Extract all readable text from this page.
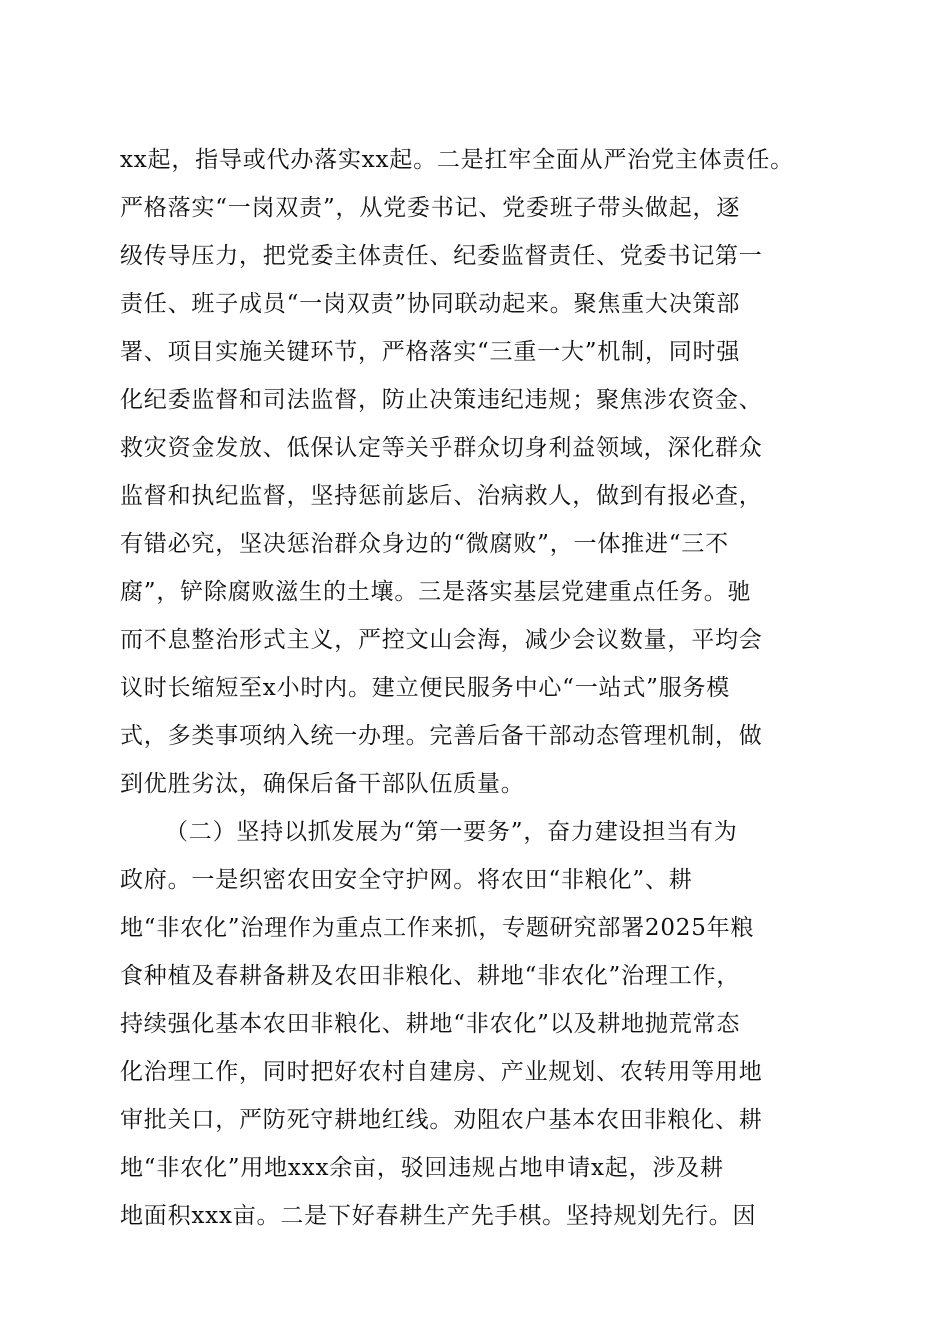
xx起，指导或代办落实xx起。二是扛牢全面从严治党主体责任。
严格落实“一岗双责”，从党委书记、党委班子带头做起，逐
级传导压力，把党委主体责任、纪委监督责任、党委书记第一
责任、班子成员“一岗双责”协同联动起来。聚焦重大决策部
署、项目实施关键环节，严格落实“三重一大”机制，同时强
化纪委监督和司法监督，防止决策违纪违规；聚焦涉农资金、
救灾资金发放、低保认定等关乎群众切身利益领域，深化群众
监督和执纪监督，坚持惩前毖后、治病救人，做到有报必查，
有错必究，坚决惩治群众身边的“微腐败”，一体推进“三不
腐”，铲除腐败滋生的土壤。三是落实基层党建重点任务。驰
而不息整治形式主义，严控文山会海，减少会议数量，平均会
议时长缩短至x小时内。建立便民服务中心“一站式”服务模
式，多类事项纳入统一办理。完善后备干部动态管理机制，做
到优胜劣汰，确保后备干部队伍质量。
（二）坚持以抓发展为“第一要务”，奋力建设担当有为
政府。一是织密农田安全守护网。将农田“非粮化”、耕
地“非农化”治理作为重点工作来抓，专题研究部署2025年粮
食种植及春耕备耕及农田非粮化、耕地“非农化”治理工作，
持续强化基本农田非粮化、耕地“非农化”以及耕地抛荒常态
化治理工作，同时把好农村自建房、产业规划、农转用等用地
审批关口，严防死守耕地红线。劝阻农户基本农田非粮化、耕
地“非农化”用地xxx余亩，驳回违规占地申请x起，涉及耕
地面积xxx亩。二是下好春耕生产先手棋。坚持规划先行。因
